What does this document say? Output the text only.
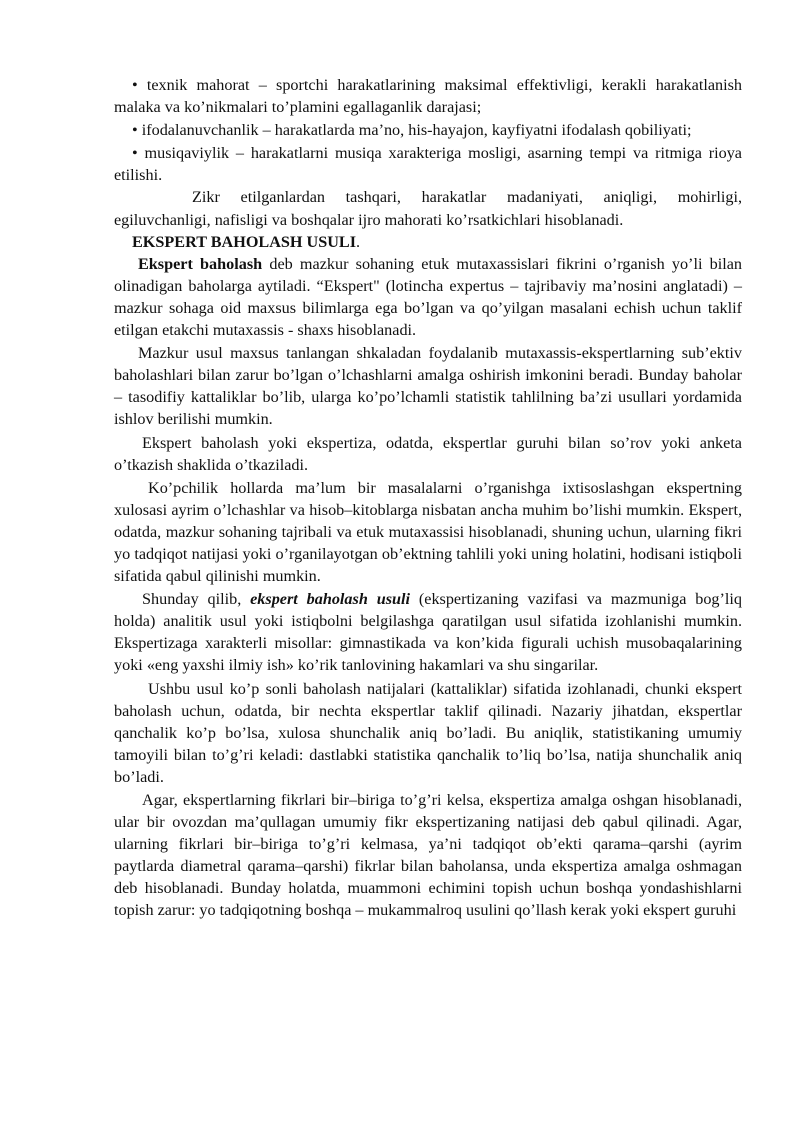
• texnik mahorat – sportchi harakatlarining maksimal effektivligi, kerakli harakatlanish malaka va ko’nikmalari to’plamini egallaganlik darajasi;

• ifodalanuvchanlik – harakatlarda ma’no, his-hayajon, kayfiyatni ifodalash qobiliyati;

• musiqaviylik – harakatlarni musiqa xarakteriga mosligi, asarning tempi va ritmiga rioya etilishi.

Zikr etilganlardan tashqari, harakatlar madaniyati, aniqligi, mohirligi, egiluvchanligi, nafisligi va boshqalar ijro mahorati ko’rsatkichlari hisoblanadi.

EKSPERT BAHOLASH USULI.

Ekspert baholash deb mazkur sohaning etuk mutaxassislari fikrini o’rganish yo’li bilan olinadigan baholarga aytiladi. “Ekspert" (lotincha expertus – tajribaviy ma’nosini anglatadi) – mazkur sohaga oid maxsus bilimlarga ega bo’lgan va qo’yilgan masalani echish uchun taklif etilgan etakchi mutaxassis - shaxs hisoblanadi.

Mazkur usul maxsus tanlangan shkaladan foydalanib mutaxassis-ekspertlarning sub’ektiv baholashlari bilan zarur bo’lgan o’lchashlarni amalga oshirish imkonini beradi. Bunday baholar – tasodifiy kattaliklar bo’lib, ularga ko’po’lchamli statistik tahlilning ba’zi usullari yordamida ishlov berilishi mumkin.

Ekspert baholash yoki ekspertiza, odatda, ekspertlar guruhi bilan so’rov yoki anketa o’tkazish shaklida o’tkaziladi.

Ko’pchilik hollarda ma’lum bir masalalarni o’rganishga ixtisoslashgan ekspertning xulosasi ayrim o’lchashlar va hisob–kitoblarga nisbatan ancha muhim bo’lishi mumkin. Ekspert, odatda, mazkur sohaning tajribali va etuk mutaxassisi hisoblanadi, shuning uchun, ularning fikri yo tadqiqot natijasi yoki o’rganilayotgan ob’ektning tahlili yoki uning holatini, hodisani istiqboli sifatida qabul qilinishi mumkin.

Shunday qilib, ekspert baholash usuli (ekspertizaning vazifasi va mazmuniga bog’liq holda) analitik usul yoki istiqbolni belgilashga qaratilgan usul sifatida izohlanishi mumkin. Ekspertizaga xarakterli misollar: gimnastikada va kon’kida figurali uchish musobaqalarining yoki «eng yaxshi ilmiy ish» ko’rik tanlovining hakamlari va shu singarilar.

Ushbu usul ko’p sonli baholash natijalari (kattaliklar) sifatida izohlanadi, chunki ekspert baholash uchun, odatda, bir nechta ekspertlar taklif qilinadi. Nazariy jihatdan, ekspertlar qanchalik ko’p bo’lsa, xulosa shunchalik aniq bo’ladi. Bu aniqlik, statistikaning umumiy tamoyili bilan to’g’ri keladi: dastlabki statistika qanchalik to’liq bo’lsa, natija shunchalik aniq bo’ladi.

Agar, ekspertlarning fikrlari bir–biriga to’g’ri kelsa, ekspertiza amalga oshgan hisoblanadi, ular bir ovozdan ma’qullagan umumiy fikr ekspertizaning natijasi deb qabul qilinadi. Agar, ularning fikrlari bir–biriga to’g’ri kelmasa, ya’ni tadqiqot ob’ekti qarama–qarshi (ayrim paytlarda diametral qarama–qarshi) fikrlar bilan baholansa, unda ekspertiza amalga oshmagan deb hisoblanadi. Bunday holatda, muammoni echimini topish uchun boshqa yondashishlarni topish zarur: yo tadqiqotning boshqa – mukammalroq usulini qo’llash kerak yoki ekspert guruhi
